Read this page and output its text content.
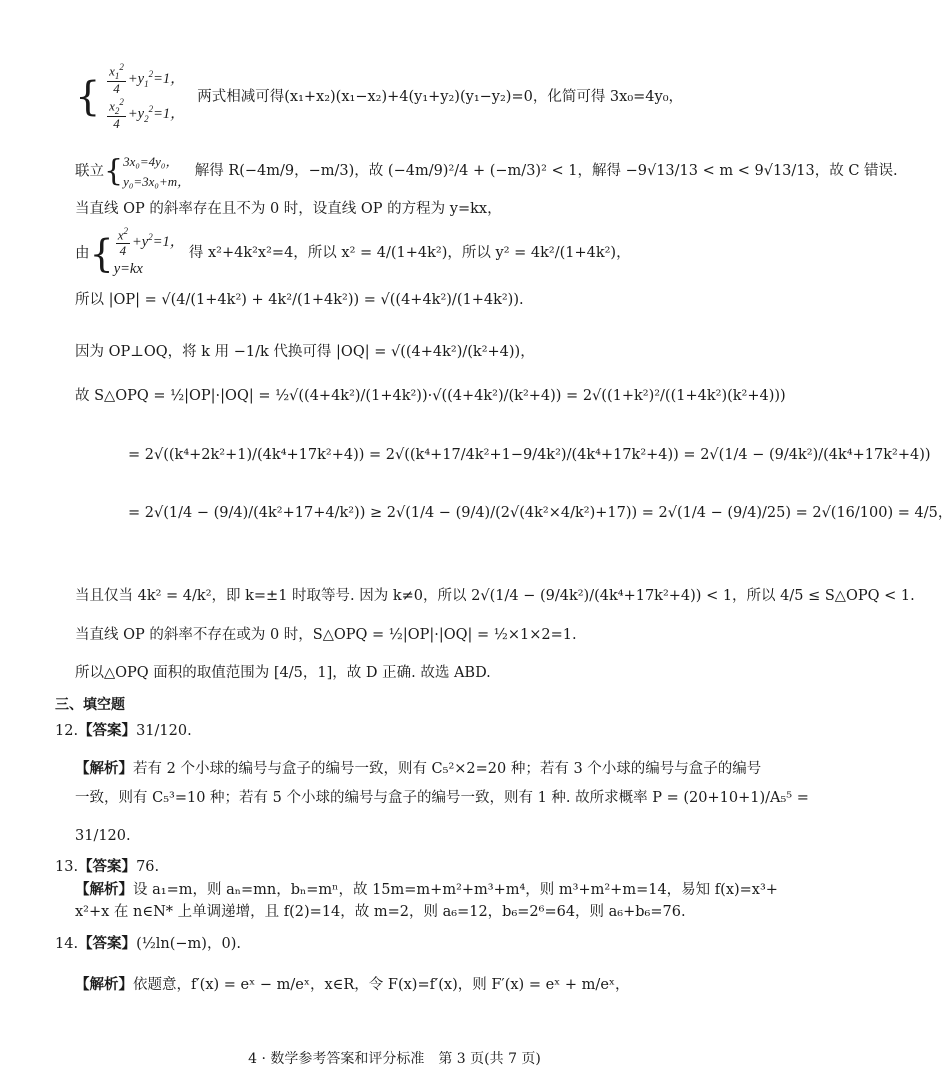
{ $\frac{x_1^2}{4} +y_1^2=1$，
$\frac{x_2^2}{4} +y_2^2=1$，
两式相减可得(x₁+x₂)(x₁−x₂)+4(y₁+y₂)(y₁−y₂)=0，化简可得 3x₀=4y₀，
联立{ 3x₀=4y₀，
y₀=3x₀+m，
解得 R(−4m/9，−m/3)，故 (−4m/9)²/4 + (−m/3)² < 1，解得 −9√13/13 < m < 9√13/13，故 C 错误.
当直线 OP 的斜率存在且不为 0 时，设直线 OP 的方程为 y=kx，
由{ $\frac{x^2}{4} +y^2=1$，
y=kx
得 x²+4k²x²=4，所以 x² = 4/(1+4k²)，所以 y² = 4k²/(1+4k²)，
所以 |OP| = √(4/(1+4k²) + 4k²/(1+4k²)) = √((4+4k²)/(1+4k²)).
因为 OP⊥OQ，将 k 用 −1/k 代换可得 |OQ| = √((4+4k²)/(k²+4))，
故 S△OPQ = ½|OP|·|OQ| = ½√((4+4k²)/(1+4k²))·√((4+4k²)/(k²+4)) = 2√((1+k²)²/((1+4k²)(k²+4)))
= 2√((k⁴+2k²+1)/(4k⁴+17k²+4)) = 2√((k⁴+17/4k²+1−9/4k²)/(4k⁴+17k²+4)) = 2√(1/4 − (9/4k²)/(4k⁴+17k²+4))
= 2√(1/4 − (9/4)/(4k²+17+4/k²)) ≥ 2√(1/4 − (9/4)/(2√(4k²×4/k²)+17)) = 2√(1/4 − (9/4)/25) = 2√(16/100) = 4/5，
当且仅当 4k² = 4/k²，即 k=±1 时取等号. 因为 k≠0，所以 2√(1/4 − (9/4k²)/(4k⁴+17k²+4)) < 1，所以 4/5 ≤ S△OPQ < 1.
当直线 OP 的斜率不存在或为 0 时，S△OPQ = ½|OP|·|OQ| = ½×1×2=1.
所以△OPQ 面积的取值范围为 [4/5，1]，故 D 正确. 故选 ABD.
三、填空题
12.【答案】31/120.
【解析】若有 2 个小球的编号与盒子的编号一致，则有 C₅²×2=20 种；若有 3 个小球的编号与盒子的编号
一致，则有 C₅³=10 种；若有 5 个小球的编号与盒子的编号一致，则有 1 种. 故所求概率 P = (20+10+1)/A₅⁵ =
31/120.
13.【答案】76.
【解析】设 a₁=m，则 aₙ=mn，bₙ=mⁿ，故 15m=m+m²+m³+m⁴，则 m³+m²+m=14，易知 f(x)=x³+
x²+x 在 n∈N* 上单调递增，且 f(2)=14，故 m=2，则 a₆=12，b₆=2⁶=64，则 a₆+b₆=76.
14.【答案】(½ln(−m)，0).
【解析】依题意，f′(x) = eˣ − m/eˣ，x∈R，令 F(x)=f′(x)，则 F′(x) = eˣ + m/eˣ，
4 · 数学参考答案和评分标准　第 3 页(共 7 页)
